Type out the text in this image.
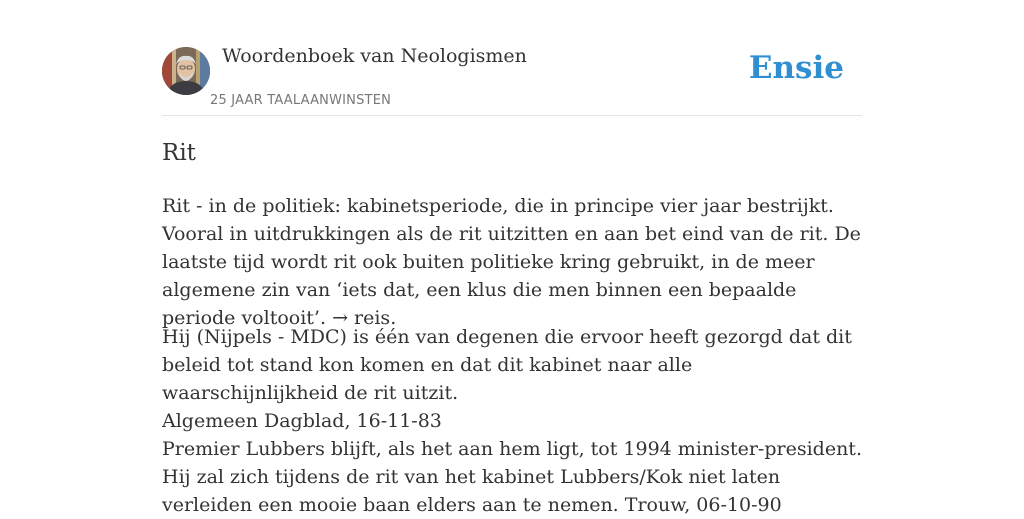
Woordenboek van Neologismen
25 JAAR TAALAANWINSTEN
Ensie
Rit

Rit - in de politiek: kabinetsperiode, die in principe vier jaar bestrijkt. Vooral in uitdrukkingen als de rit uitzitten en aan bet eind van de rit. De laatste tijd wordt rit ook buiten politieke kring gebruikt, in de meer algemene zin van ‘iets dat, een klus die men binnen een bepaalde periode voltooit’. → reis.

Hij (Nijpels - MDC) is één van degenen die ervoor heeft gezorgd dat dit beleid tot stand kon komen en dat dit kabinet naar alle waarschijnlijkheid de rit uitzit.
Algemeen Dagblad, 16-11-83

Premier Lubbers blijft, als het aan hem ligt, tot 1994 minister-president. Hij zal zich tijdens de rit van het kabinet Lubbers/Kok niet laten verleiden een mooie baan elders aan te nemen. Trouw, 06-10-90
